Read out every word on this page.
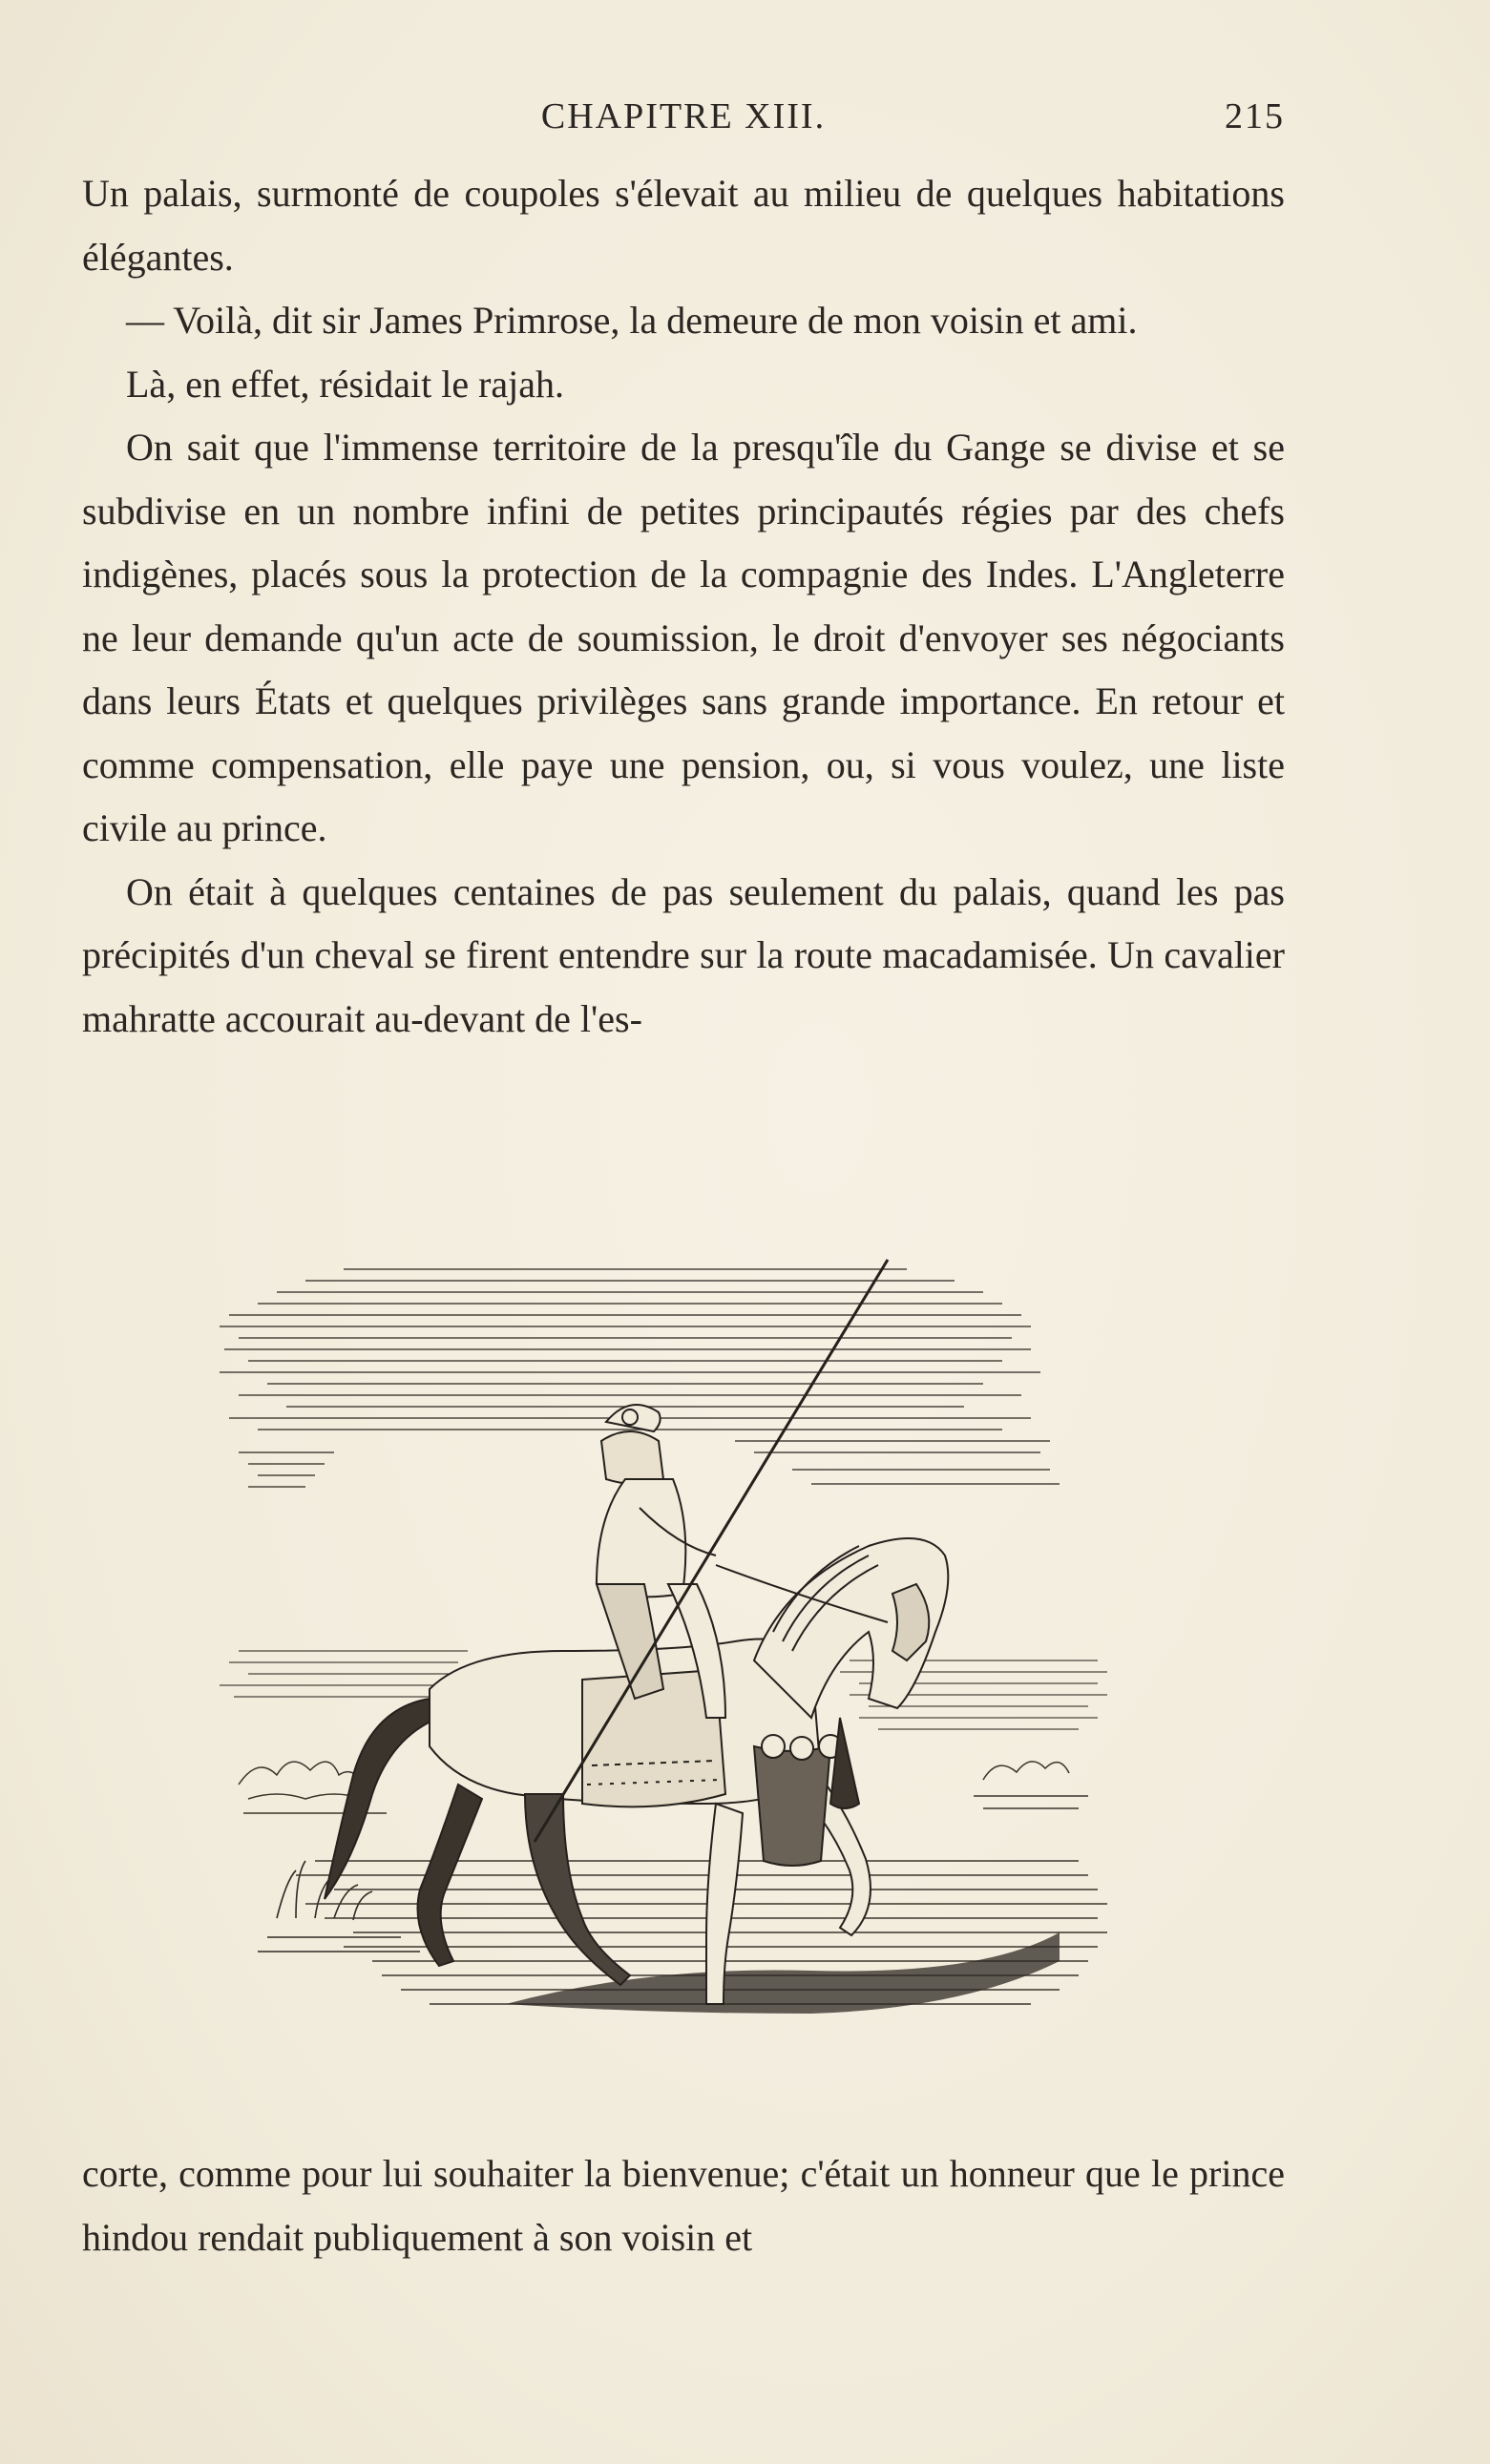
CHAPITRE XIII.	215

Un palais, surmonté de coupoles s'élevait au milieu de quelques habitations élégantes.

— Voilà, dit sir James Primrose, la demeure de mon voisin et ami.

Là, en effet, résidait le rajah.

On sait que l'immense territoire de la presqu'île du Gange se divise et se subdivise en un nombre infini de petites principautés régies par des chefs indigènes, placés sous la protection de la compagnie des Indes. L'Angleterre ne leur demande qu'un acte de soumission, le droit d'envoyer ses négociants dans leurs États et quelques privilèges sans grande importance. En retour et comme compensation, elle paye une pension, ou, si vous voulez, une liste civile au prince.

On était à quelques centaines de pas seulement du palais, quand les pas précipités d'un cheval se firent entendre sur la route macadamisée. Un cavalier mahratte accourait au-devant de l'es-

corte, comme pour lui souhaiter la bienvenue; c'était un honneur que le prince hindou rendait publiquement à son voisin et
